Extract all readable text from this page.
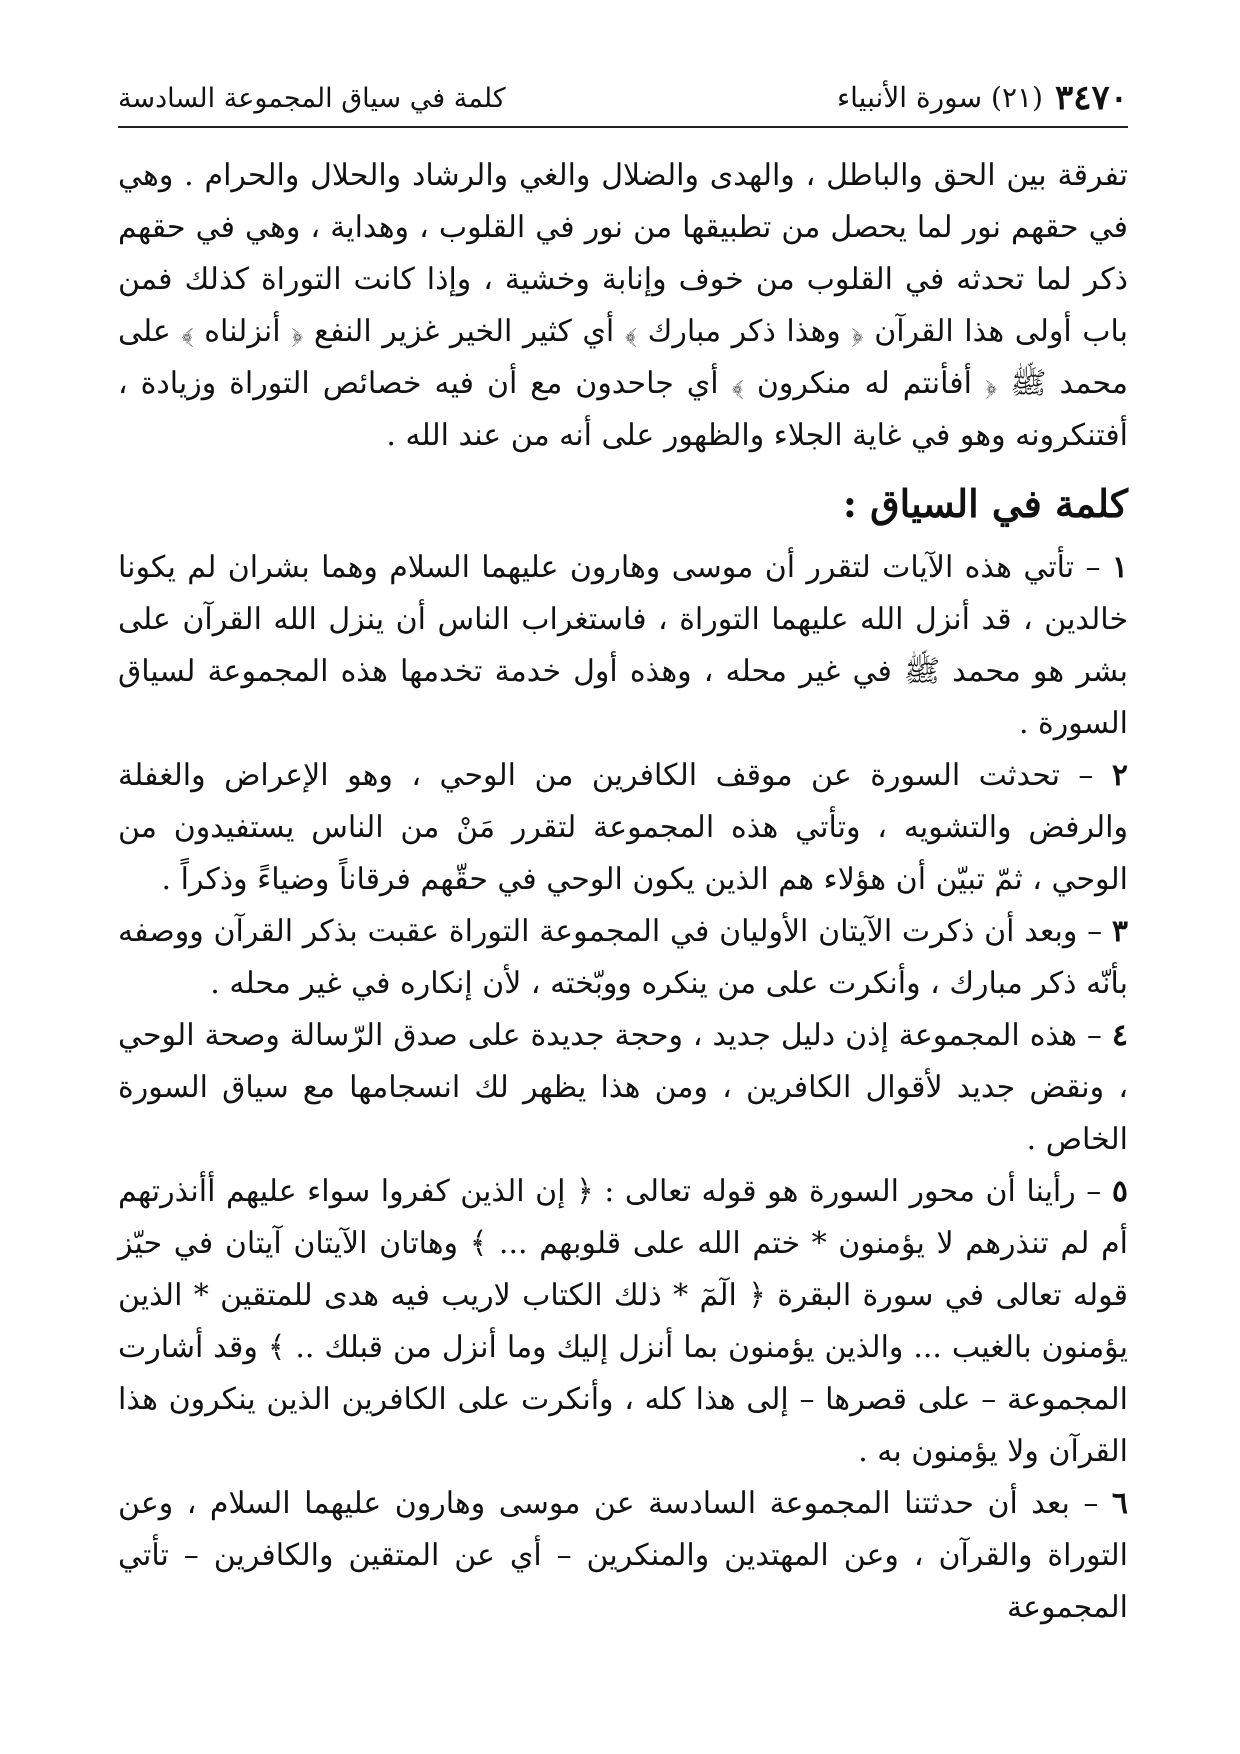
٣٤٧٠
(٢١) سورة الأنبياء
كلمة في سياق المجموعة السادسة

تفرقة بين الحق والباطل ، والهدى والضلال والغي والرشاد والحلال والحرام . وهي في حقهم نور لما يحصل من تطبيقها من نور في القلوب ، وهداية ، وهي في حقهم ذكر لما تحدثه في القلوب من خوف وإنابة وخشية ، وإذا كانت التوراة كذلك فمن باب أولى هذا القرآن ﴿ وهذا ذكر مبارك ﴾ أي كثير الخير غزير النفع ﴿ أنزلناه ﴾ على محمد ﷺ ﴿ أفأنتم له منكرون ﴾ أي جاحدون مع أن فيه خصائص التوراة وزيادة ، أفتنكرونه وهو في غاية الجلاء والظهور على أنه من عند الله .

كلمة في السياق :

١ – تأتي هذه الآيات لتقرر أن موسى وهارون عليهما السلام وهما بشران لم يكونا خالدين ، قد أنزل الله عليهما التوراة ، فاستغراب الناس أن ينزل الله القرآن على بشر هو محمد ﷺ في غير محله ، وهذه أول خدمة تخدمها هذه المجموعة لسياق السورة .

٢ – تحدثت السورة عن موقف الكافرين من الوحي ، وهو الإعراض والغفلة والرفض والتشويه ، وتأتي هذه المجموعة لتقرر مَنْ من الناس يستفيدون من الوحي ، ثمّ تبيّن أن هؤلاء هم الذين يكون الوحي في حقّهم فرقاناً وضياءً وذكراً .

٣ – وبعد أن ذكرت الآيتان الأوليان في المجموعة التوراة عقبت بذكر القرآن ووصفه بأنّه ذكر مبارك ، وأنكرت على من ينكره ووبّخته ، لأن إنكاره في غير محله .

٤ – هذه المجموعة إذن دليل جديد ، وحجة جديدة على صدق الرّسالة وصحة الوحي ، ونقض جديد لأقوال الكافرين ، ومن هذا يظهر لك انسجامها مع سياق السورة الخاص .

٥ – رأينا أن محور السورة هو قوله تعالى : ﴿ إن الذين كفروا سواء عليهم أأنذرتهم أم لم تنذرهم لا يؤمنون * ختم الله على قلوبهم ... ﴾ وهاتان الآيتان آيتان في حيّز قوله تعالى في سورة البقرة ﴿ الٓمٓ * ذلك الكتاب لاريب فيه هدى للمتقين * الذين يؤمنون بالغيب ... والذين يؤمنون بما أنزل إليك وما أنزل من قبلك .. ﴾ وقد أشارت المجموعة – على قصرها – إلى هذا كله ، وأنكرت على الكافرين الذين ينكرون هذا القرآن ولا يؤمنون به .

٦ – بعد أن حدثتنا المجموعة السادسة عن موسى وهارون عليهما السلام ، وعن التوراة والقرآن ، وعن المهتدين والمنكرين – أي عن المتقين والكافرين – تأتي المجموعة
